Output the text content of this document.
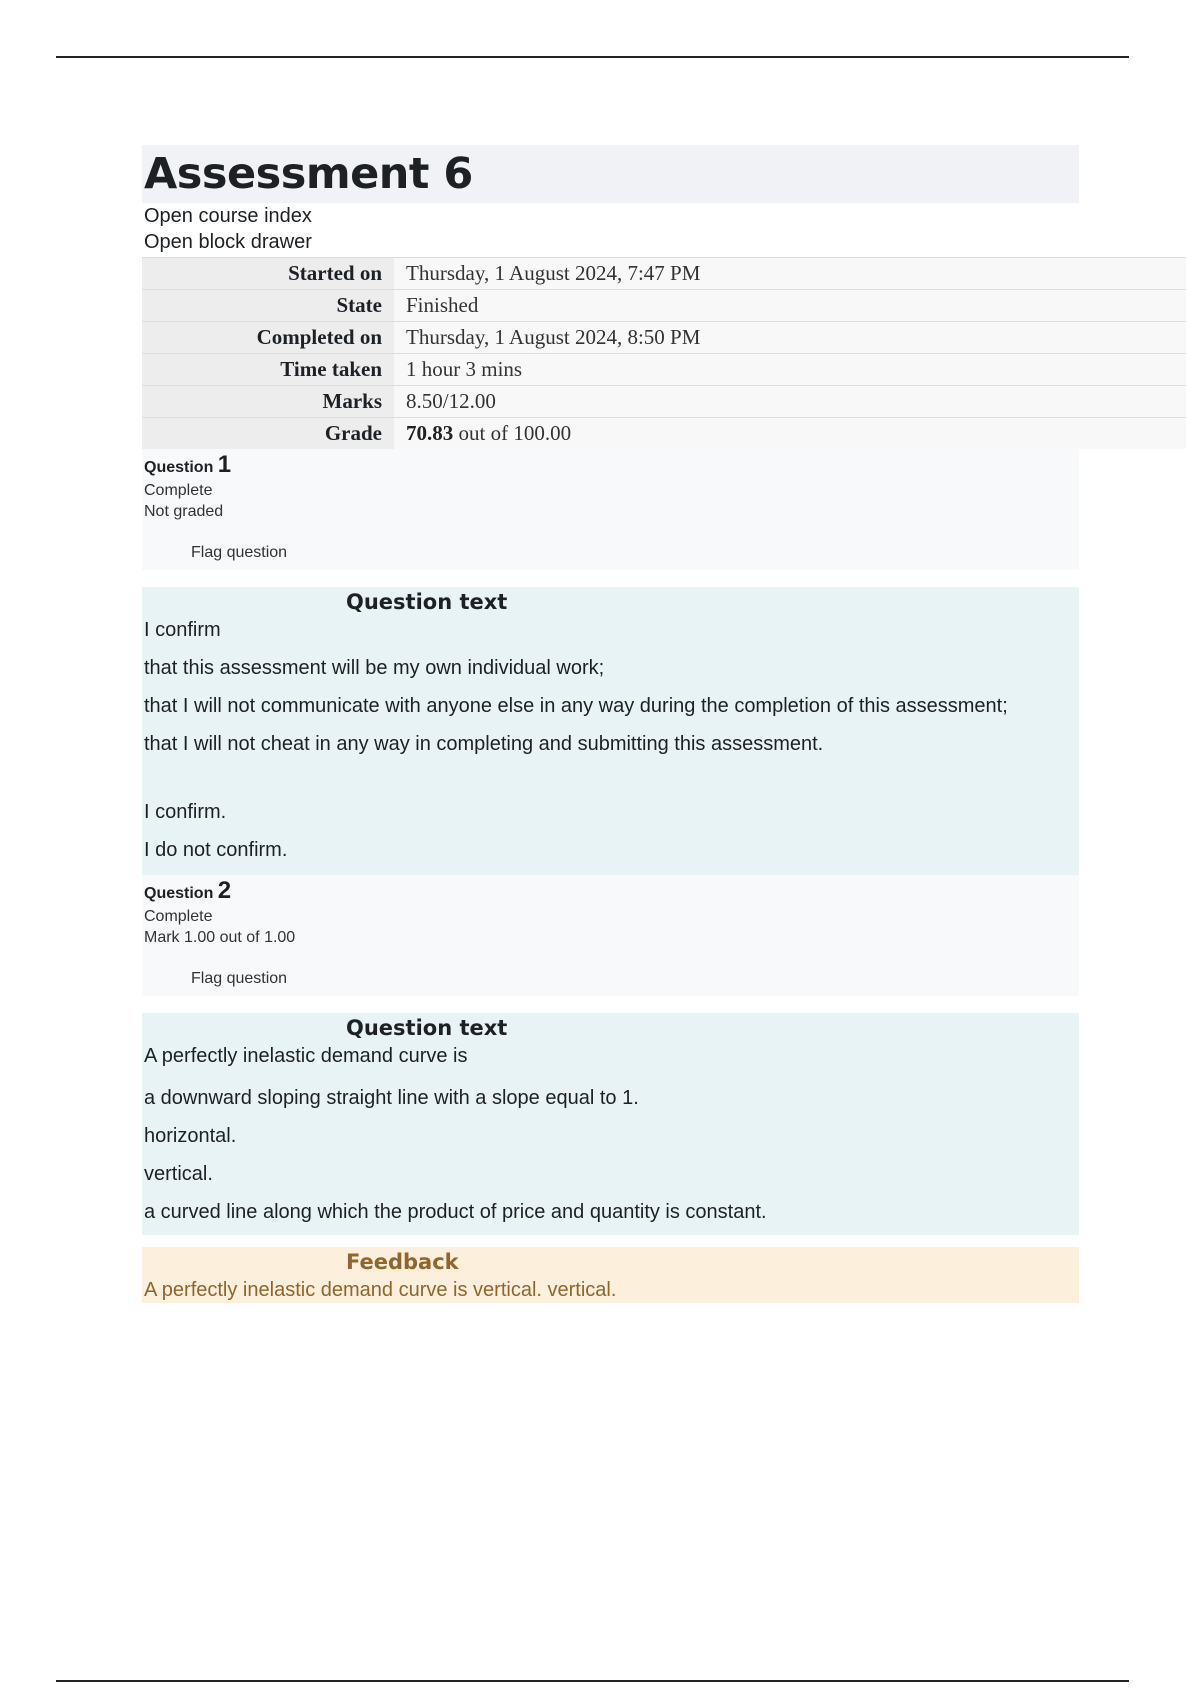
Assessment 6
Open course index
Open block drawer
Started on	Thursday, 1 August 2024, 7:47 PM
State	Finished
Completed on	Thursday, 1 August 2024, 8:50 PM
Time taken	1 hour 3 mins
Marks	8.50/12.00
Grade	70.83 out of 100.00
Question 1
Complete
Not graded
Flag question
Question text
I confirm
that this assessment will be my own individual work;
that I will not communicate with anyone else in any way during the completion of this assessment;
that I will not cheat in any way in completing and submitting this assessment.
I confirm.
I do not confirm.
Question 2
Complete
Mark 1.00 out of 1.00
Flag question
Question text
A perfectly inelastic demand curve is
a downward sloping straight line with a slope equal to 1.
horizontal.
vertical.
a curved line along which the product of price and quantity is constant.
Feedback
A perfectly inelastic demand curve is vertical. vertical.
